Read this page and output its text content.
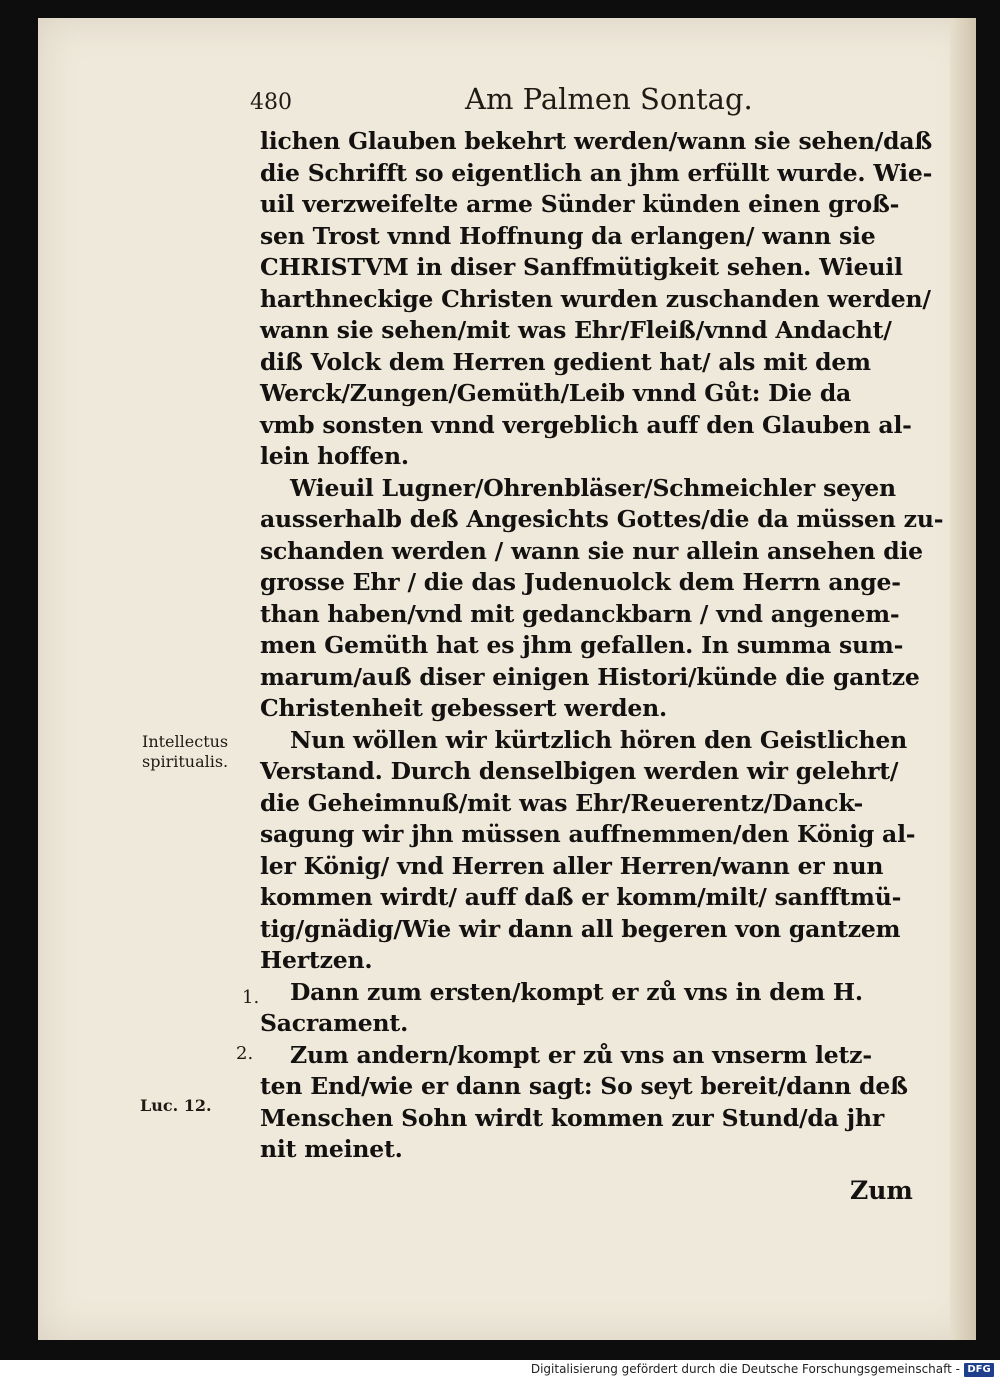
480	Am Palmen Sontag.
lichen Glauben bekehrt werden/wann sie sehen/daß
die Schrifft so eigentlich an jhm erfüllt wurde. Wie-
uil verzweifelte arme Sünder künden einen groß-
sen Trost vnnd Hoffnung da erlangen/ wann sie
CHRISTVM in diser Sanffmütigkeit sehen. Wieuil
harthneckige Christen wurden zuschanden werden/
wann sie sehen/mit was Ehr/Fleiß/vnnd Andacht/
diß Volck dem Herren gedient hat/ als mit dem
Werck/Zungen/Gemüth/Leib vnnd Gůt: Die da
vmb sonsten vnnd vergeblich auff den Glauben al-
lein hoffen.
Wieuil Lugner/Ohrenbläser/Schmeichler seyen
ausserhalb deß Angesichts Gottes/die da müssen zu-
schanden werden / wann sie nur allein ansehen die
grosse Ehr / die das Judenuolck dem Herrn ange-
than haben/vnd mit gedanckbarn / vnd angenem-
men Gemüth hat es jhm gefallen. In summa sum-
marum/auß diser einigen Histori/künde die gantze
Christenheit gebessert werden.
Nun wöllen wir kürtzlich hören den Geistlichen
Verstand. Durch denselbigen werden wir gelehrt/
die Geheimnuß/mit was Ehr/Reuerentz/Danck-
sagung wir jhn müssen auffnemmen/den König al-
ler König/ vnd Herren aller Herren/wann er nun
kommen wirdt/ auff daß er komm/milt/ sanfftmü-
tig/gnädig/Wie wir dann all begeren von gantzem
Hertzen.
Dann zum ersten/kompt er zů vns in dem H.
Sacrament.
Zum andern/kompt er zů vns an vnserm letz-
ten End/wie er dann sagt: So seyt bereit/dann deß
Menschen Sohn wirdt kommen zur Stund/da jhr
nit meinet.
Intellectus
spiritualis.
1.
2.
Luc. 12.
Zum
Digitalisierung gefördert durch die Deutsche Forschungsgemeinschaft - DFG
